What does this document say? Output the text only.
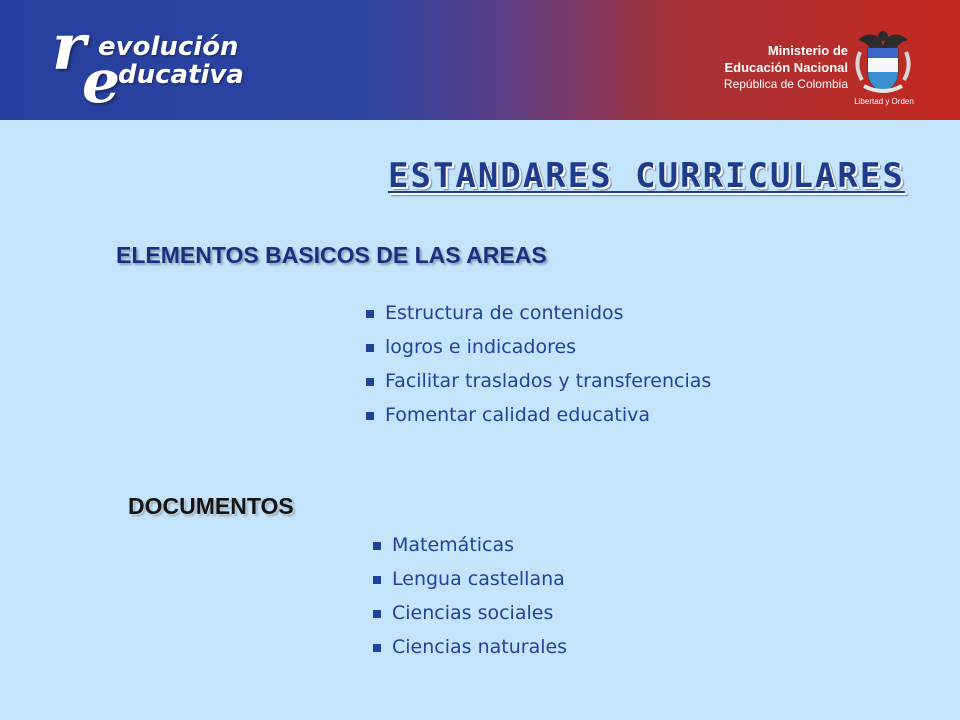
r evolución
e
ducativa
Ministerio de
Educación Nacional
República de Colombia
Libertad y Orden
ESTANDARES CURRICULARES
ELEMENTOS BASICOS DE LAS AREAS
Estructura de contenidos
logros e indicadores
Facilitar traslados y transferencias
Fomentar calidad educativa
DOCUMENTOS
Matemáticas
Lengua castellana
Ciencias sociales
Ciencias naturales
